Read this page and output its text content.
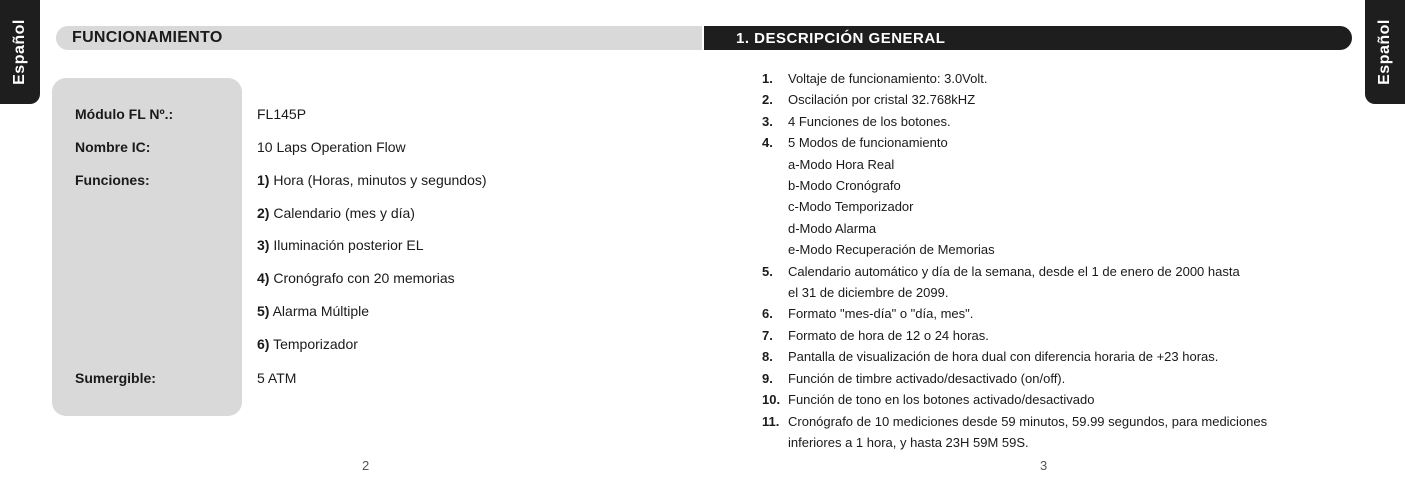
Español	Español
FUNCIONAMIENTO	1. DESCRIPCIÓN GENERAL
Módulo FL Nº.:	FL145P
Nombre IC:	10 Laps Operation Flow
Funciones:	1) Hora (Horas, minutos y segundos)
2) Calendario (mes y día)
3) Iluminación posterior EL
4) Cronógrafo con 20 memorias
5) Alarma Múltiple
6) Temporizador
Sumergible:	5 ATM
2
1. Voltaje de funcionamiento: 3.0Volt.
2. Oscilación por cristal 32.768kHZ
3. 4 Funciones de los botones.
4. 5 Modos de funcionamiento
a-Modo Hora Real
b-Modo Cronógrafo
c-Modo Temporizador
d-Modo Alarma
e-Modo Recuperación de Memorias
5. Calendario automático y día de la semana, desde el 1 de enero de 2000 hasta
el 31 de diciembre de 2099.
6. Formato "mes-día" o "día, mes".
7. Formato de hora de 12 o 24 horas.
8. Pantalla de visualización de hora dual con diferencia horaria de +23 horas.
9. Función de timbre activado/desactivado (on/off).
10. Función de tono en los botones activado/desactivado
11. Cronógrafo de 10 mediciones desde 59 minutos, 59.99 segundos, para mediciones
inferiores a 1 hora, y hasta 23H 59M 59S.
3
